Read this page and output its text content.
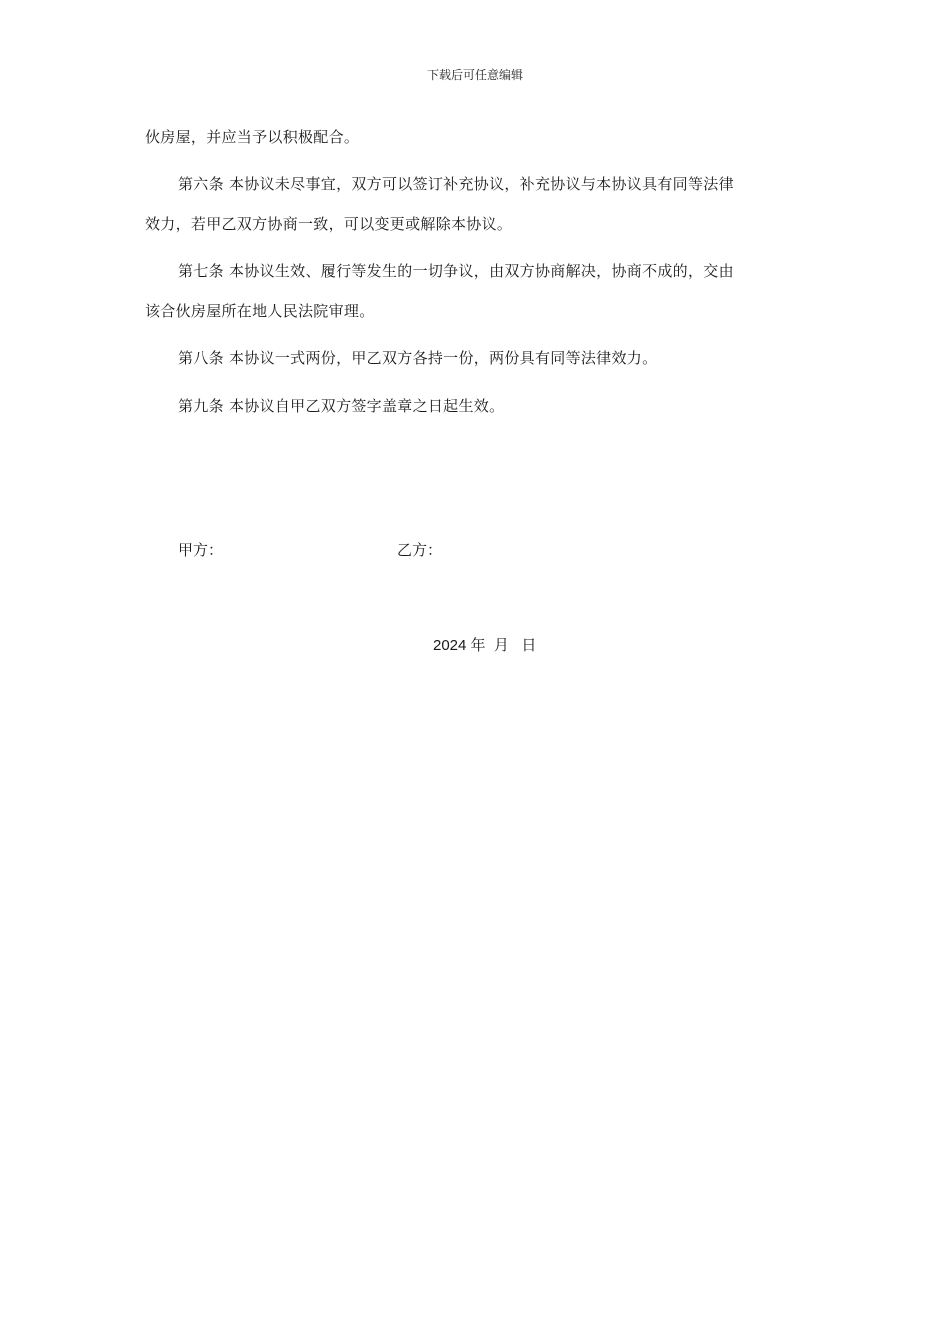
下载后可任意编辑
伙房屋，并应当予以积极配合。
第六条 本协议未尽事宜，双方可以签订补充协议，补充协议与本协议具有同等法律
效力，若甲乙双方协商一致，可以变更或解除本协议。
第七条 本协议生效、履行等发生的一切争议，由双方协商解决，协商不成的，交由
该合伙房屋所在地人民法院审理。
第八条 本协议一式两份，甲乙双方各持一份，两份具有同等法律效力。
第九条 本协议自甲乙双方签字盖章之日起生效。
甲方：	乙方：
2024 年  月   日
